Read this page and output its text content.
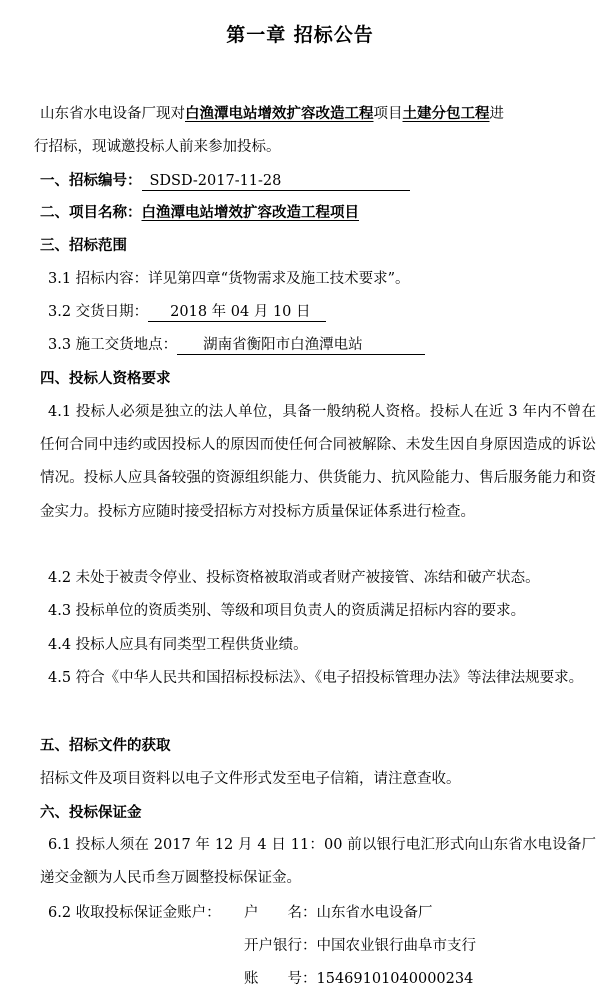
第一章 招标公告
山东省水电设备厂现对白渔潭电站增效扩容改造工程项目土建分包工程进
行招标，现诚邀投标人前来参加投标。
一、招标编号： SDSD-2017-11-28
二、项目名称：白渔潭电站增效扩容改造工程项目
三、招标范围
3.1 招标内容：详见第四章“货物需求及施工技术要求”。
3.2 交货日期： 2018 年 04 月 10 日
3.3 施工交货地点： 湖南省衡阳市白渔潭电站
四、投标人资格要求
4.1 投标人必须是独立的法人单位，具备一般纳税人资格。投标人在近 3 年内不曾在任何合同中违约或因投标人的原因而使任何合同被解除、未发生因自身原因造成的诉讼情况。投标人应具备较强的资源组织能力、供货能力、抗风险能力、售后服务能力和资金实力。投标方应随时接受招标方对投标方质量保证体系进行检查。
4.2 未处于被责令停业、投标资格被取消或者财产被接管、冻结和破产状态。
4.3 投标单位的资质类别、等级和项目负责人的资质满足招标内容的要求。
4.4 投标人应具有同类型工程供货业绩。
4.5 符合《中华人民共和国招标投标法》、《电子招投标管理办法》等法律法规要求。
五、招标文件的获取
招标文件及项目资料以电子文件形式发至电子信箱，请注意查收。
六、投标保证金
6.1 投标人须在 2017 年 12 月 4 日 11：00 前以银行电汇形式向山东省水电设备厂递交金额为人民币叁万圆整投标保证金。
6.2 收取投标保证金账户：	户　　名：山东省水电设备厂
开户银行：中国农业银行曲阜市支行
账　　号：15469101040000234
